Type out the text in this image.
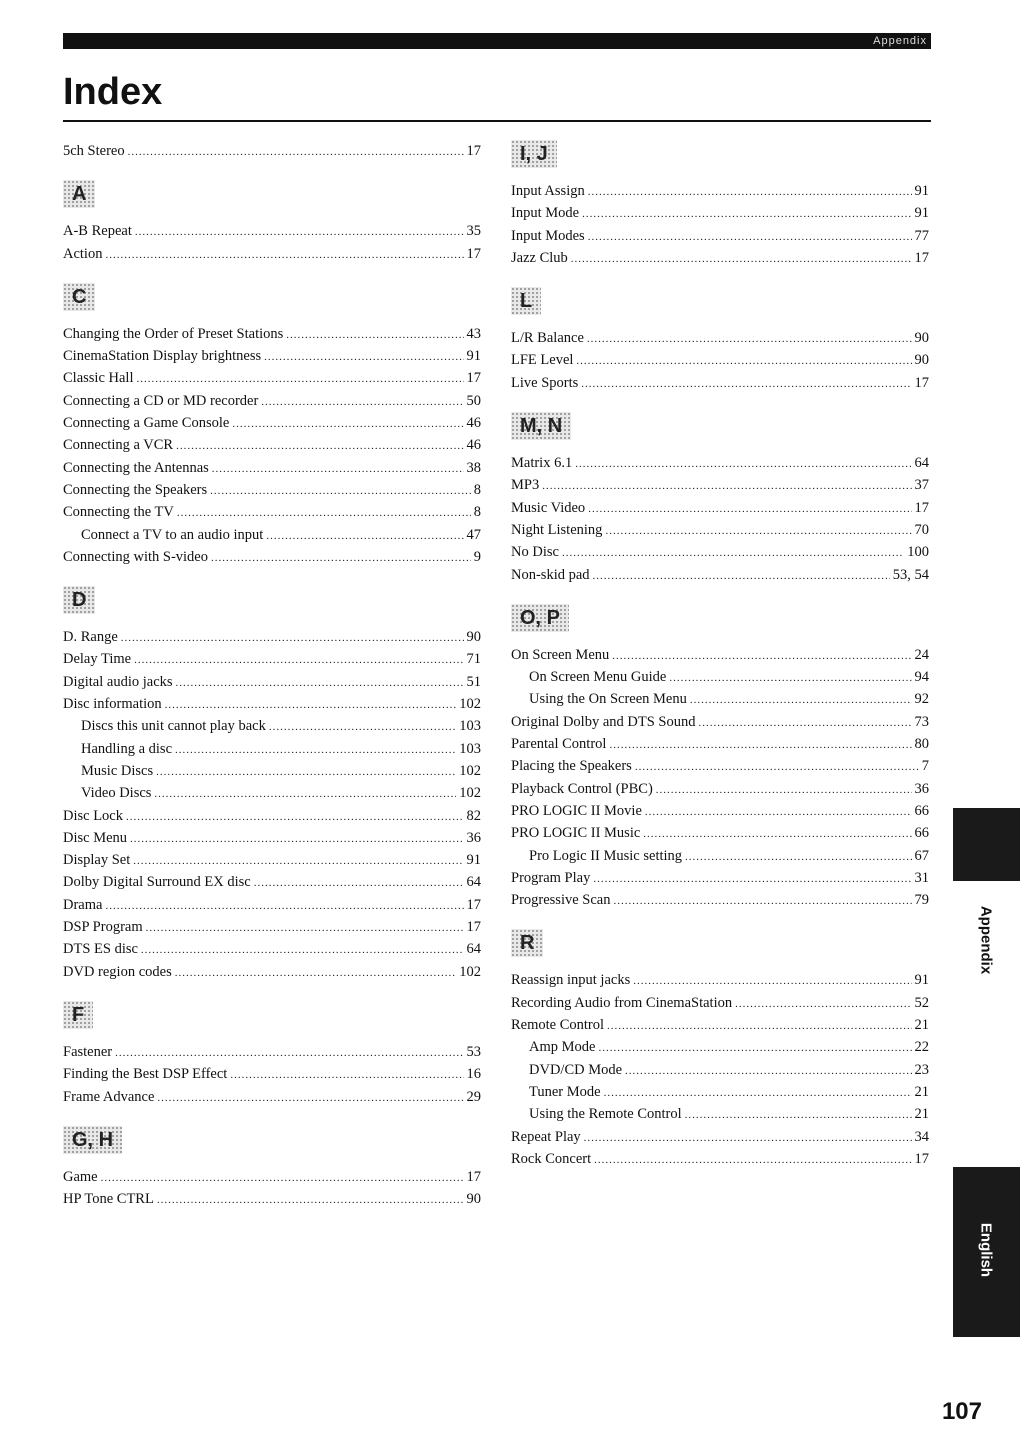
Appendix
Index
5ch Stereo .....	17
A
A-B Repeat .....	35
Action .....	17
C
Changing the Order of Preset Stations .....	43
CinemaStation Display brightness .....	91
Classic Hall .....	17
Connecting a CD or MD recorder .....	50
Connecting a Game Console .....	46
Connecting a VCR .....	46
Connecting the Antennas .....	38
Connecting the Speakers .....	8
Connecting the TV .....	8
Connect a TV to an audio input .....	47
Connecting with S-video .....	9
D
D. Range .....	90
Delay Time .....	71
Digital audio jacks .....	51
Disc information .....	102
Discs this unit cannot play back .....	103
Handling a disc .....	103
Music Discs .....	102
Video Discs .....	102
Disc Lock .....	82
Disc Menu .....	36
Display Set .....	91
Dolby Digital Surround EX disc .....	64
Drama .....	17
DSP Program .....	17
DTS ES disc .....	64
DVD region codes .....	102
F
Fastener .....	53
Finding the Best DSP Effect .....	16
Frame Advance .....	29
G, H
Game .....	17
HP Tone CTRL .....	90
I, J
Input Assign .....	91
Input Mode .....	91
Input Modes .....	77
Jazz Club .....	17
L
L/R Balance .....	90
LFE Level .....	90
Live Sports .....	17
M, N
Matrix 6.1 .....	64
MP3 .....	37
Music Video .....	17
Night Listening .....	70
No Disc .....	100
Non-skid pad .....	53, 54
O, P
On Screen Menu .....	24
On Screen Menu Guide .....	94
Using the On Screen Menu .....	92
Original Dolby and DTS Sound .....	73
Parental Control .....	80
Placing the Speakers .....	7
Playback Control (PBC) .....	36
PRO LOGIC II Movie .....	66
PRO LOGIC II Music .....	66
Pro Logic II Music setting .....	67
Program Play .....	31
Progressive Scan .....	79
R
Reassign input jacks .....	91
Recording Audio from CinemaStation .....	52
Remote Control .....	21
Amp Mode .....	22
DVD/CD Mode .....	23
Tuner Mode .....	21
Using the Remote Control .....	21
Repeat Play .....	34
Rock Concert .....	17
Appendix
English
107
